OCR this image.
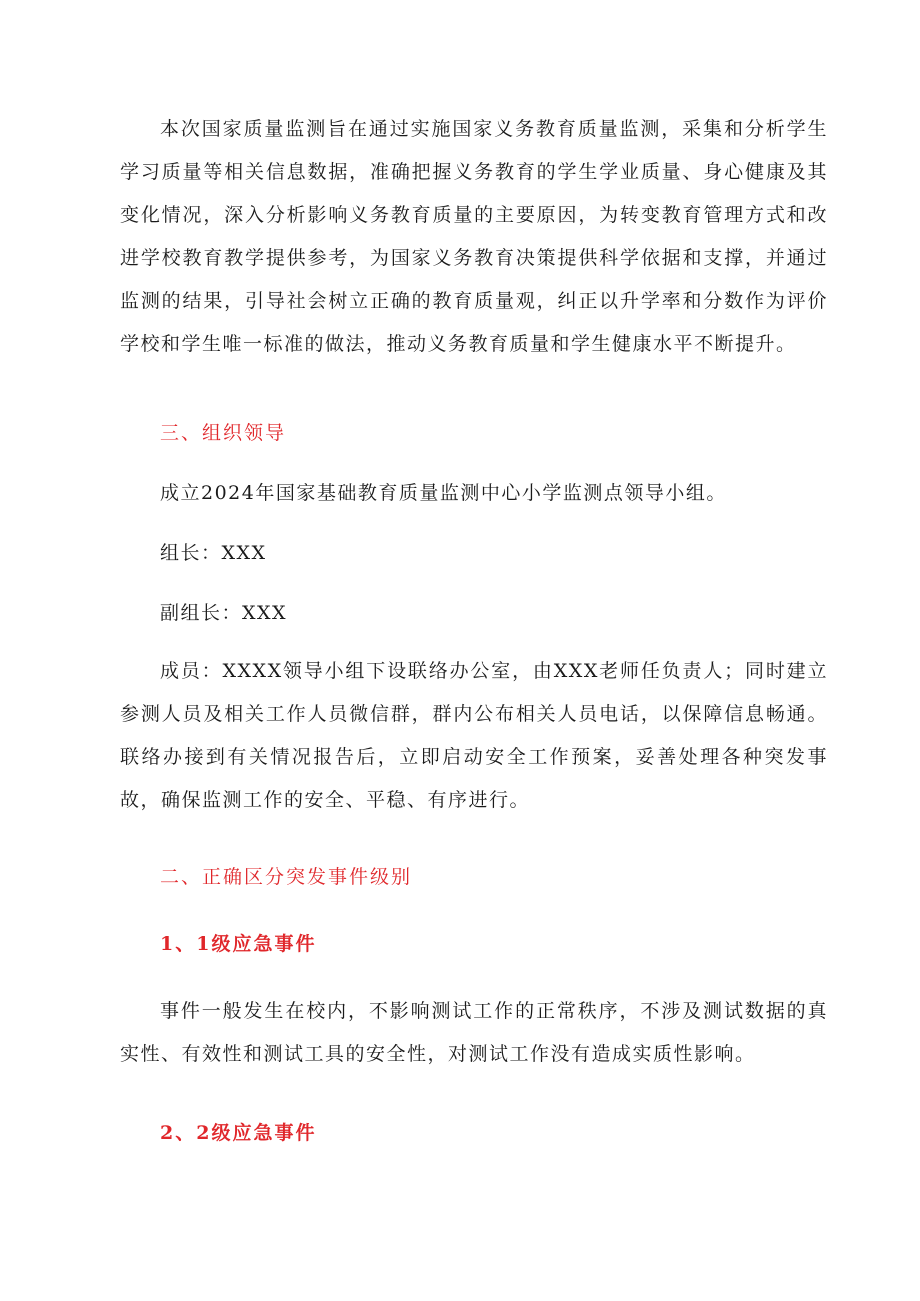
本次国家质量监测旨在通过实施国家义务教育质量监测，采集和分析学生学习质量等相关信息数据，准确把握义务教育的学生学业质量、身心健康及其变化情况，深入分析影响义务教育质量的主要原因，为转变教育管理方式和改进学校教育教学提供参考，为国家义务教育决策提供科学依据和支撑，并通过监测的结果，引导社会树立正确的教育质量观，纠正以升学率和分数作为评价学校和学生唯一标准的做法，推动义务教育质量和学生健康水平不断提升。

三、组织领导

成立2024年国家基础教育质量监测中心小学监测点领导小组。

组长：XXX

副组长：XXX

成员：XXXX领导小组下设联络办公室，由XXX老师任负责人；同时建立参测人员及相关工作人员微信群，群内公布相关人员电话，以保障信息畅通。联络办接到有关情况报告后，立即启动安全工作预案，妥善处理各种突发事故，确保监测工作的安全、平稳、有序进行。

二、正确区分突发事件级别

1、1级应急事件

事件一般发生在校内，不影响测试工作的正常秩序，不涉及测试数据的真实性、有效性和测试工具的安全性，对测试工作没有造成实质性影响。

2、2级应急事件
